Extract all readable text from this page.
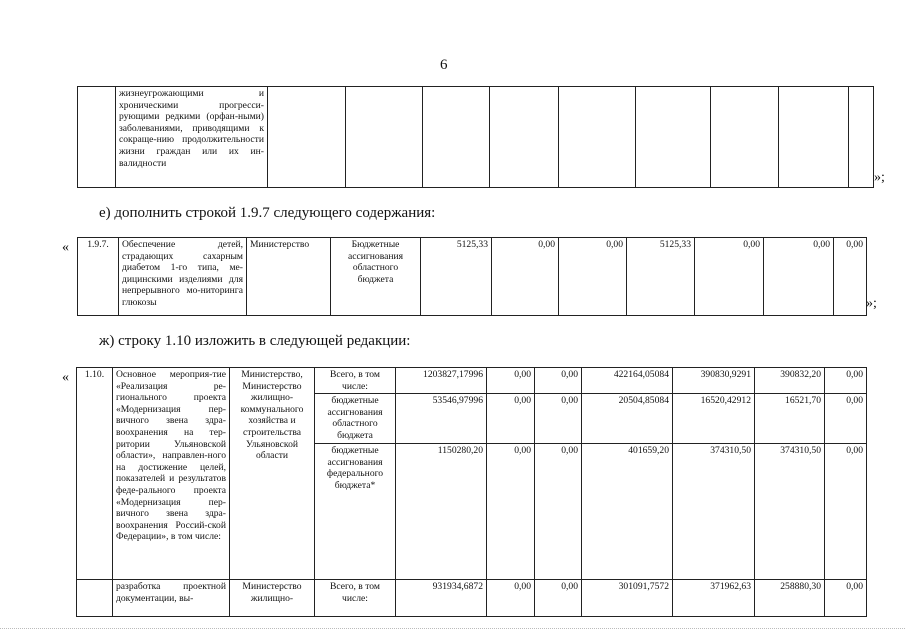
6
	жизнеугрожающими и хроническими прогресси-рующими редкими (орфан-ными) заболеваниями, приводящими к сокраще-нию продолжительности жизни граждан или их ин-валидности									
»;
е) дополнить строкой 1.9.7 следующего содержания:
« 1.9.7.	Обеспечение детей, страдающих сахарным диабетом 1-го типа, ме-дицинскими изделиями для непрерывного мо-ниторинга глюкозы	Министерство	Бюджетные ассигнования областного бюджета	5125,33	0,00	0,00	5125,33	0,00	0,00	0,00
»;
ж) строку 1.10 изложить в следующей редакции:
« 1.10.	Основное мероприя-тие «Реализация ре-гионального проекта «Модернизация пер-вичного звена здра-воохранения на тер-ритории Ульяновской области», направлен-ного на достижение целей, показателей и результатов феде-рального проекта «Модернизация пер-вичного звена здра-воохранения Россий-ской Федерации», в том числе:	Министерство, Министерство жилищно-коммунального хозяйства и строительства Ульяновской области	Всего, в том числе:	1203827,17996	0,00	0,00	422164,05084	390830,9291	390832,20	0,00
			бюджетные ассигнования областного бюджета	53546,97996	0,00	0,00	20504,85084	16520,42912	16521,70	0,00
			бюджетные ассигнования федерального бюджета*	1150280,20	0,00	0,00	401659,20	374310,50	374310,50	0,00
	разработка проектной документации, вы-	Министерство жилищно-	Всего, в том числе:	931934,6872	0,00	0,00	301091,7572	371962,63	258880,30	0,00
